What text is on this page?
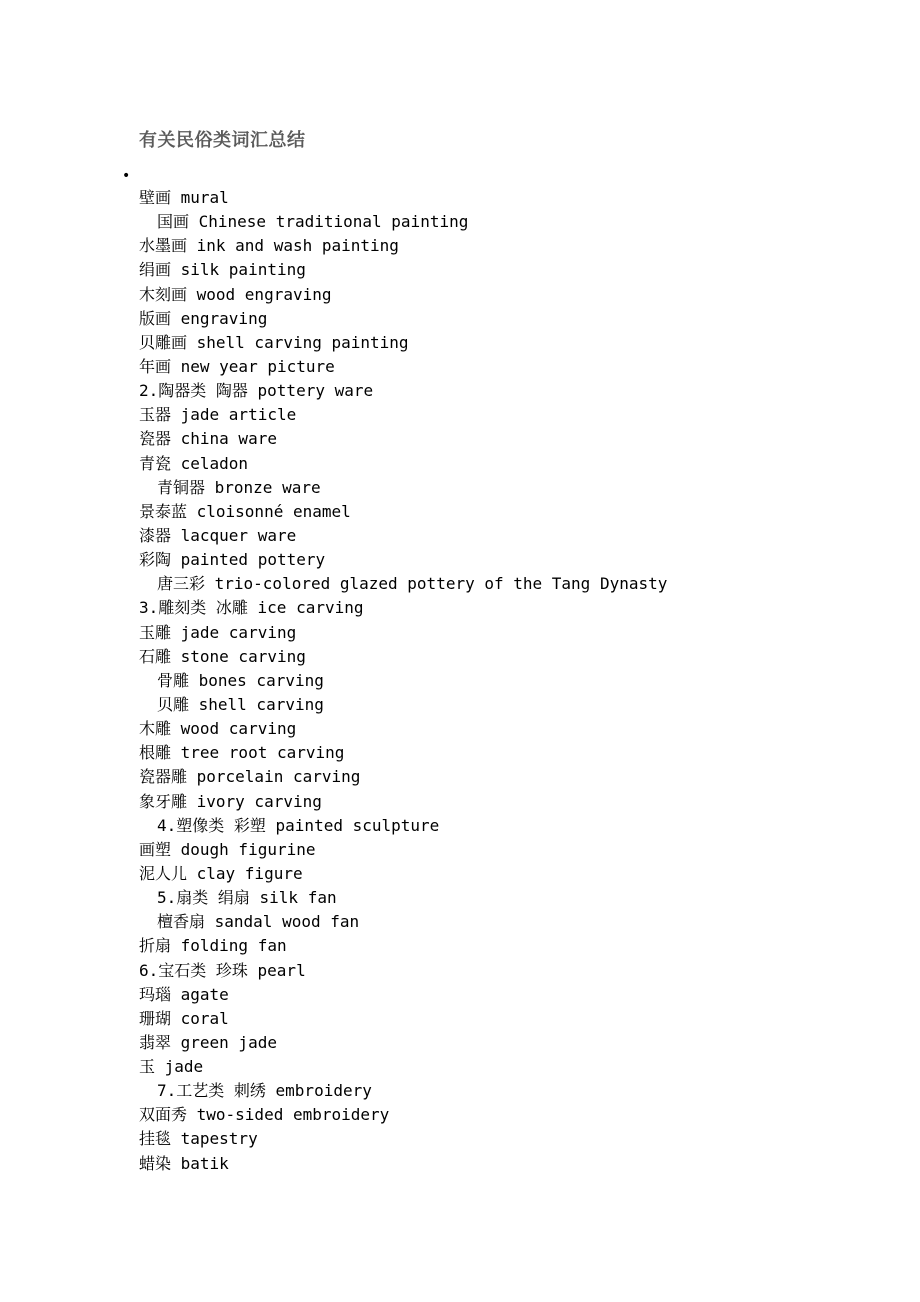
有关民俗类词汇总结
•
壁画 mural
国画 Chinese traditional painting
水墨画 ink and wash painting
绢画 silk painting
木刻画 wood engraving
版画 engraving
贝雕画 shell carving painting
年画 new year picture
2.陶器类 陶器 pottery ware
玉器 jade article
瓷器 china ware
青瓷 celadon
青铜器 bronze ware
景泰蓝 cloisonné enamel
漆器 lacquer ware
彩陶 painted pottery
唐三彩 trio-colored glazed pottery of the Tang Dynasty
3.雕刻类 冰雕 ice carving
玉雕 jade carving
石雕 stone carving
骨雕 bones carving
贝雕 shell carving
木雕 wood carving
根雕 tree root carving
瓷器雕 porcelain carving
象牙雕 ivory carving
4.塑像类 彩塑 painted sculpture
画塑 dough figurine
泥人儿 clay figure
5.扇类 绢扇 silk fan
檀香扇 sandal wood fan
折扇 folding fan
6.宝石类 珍珠 pearl
玛瑙 agate
珊瑚 coral
翡翠 green jade
玉 jade
7.工艺类 刺绣 embroidery
双面秀 two-sided embroidery
挂毯 tapestry
蜡染 batik
